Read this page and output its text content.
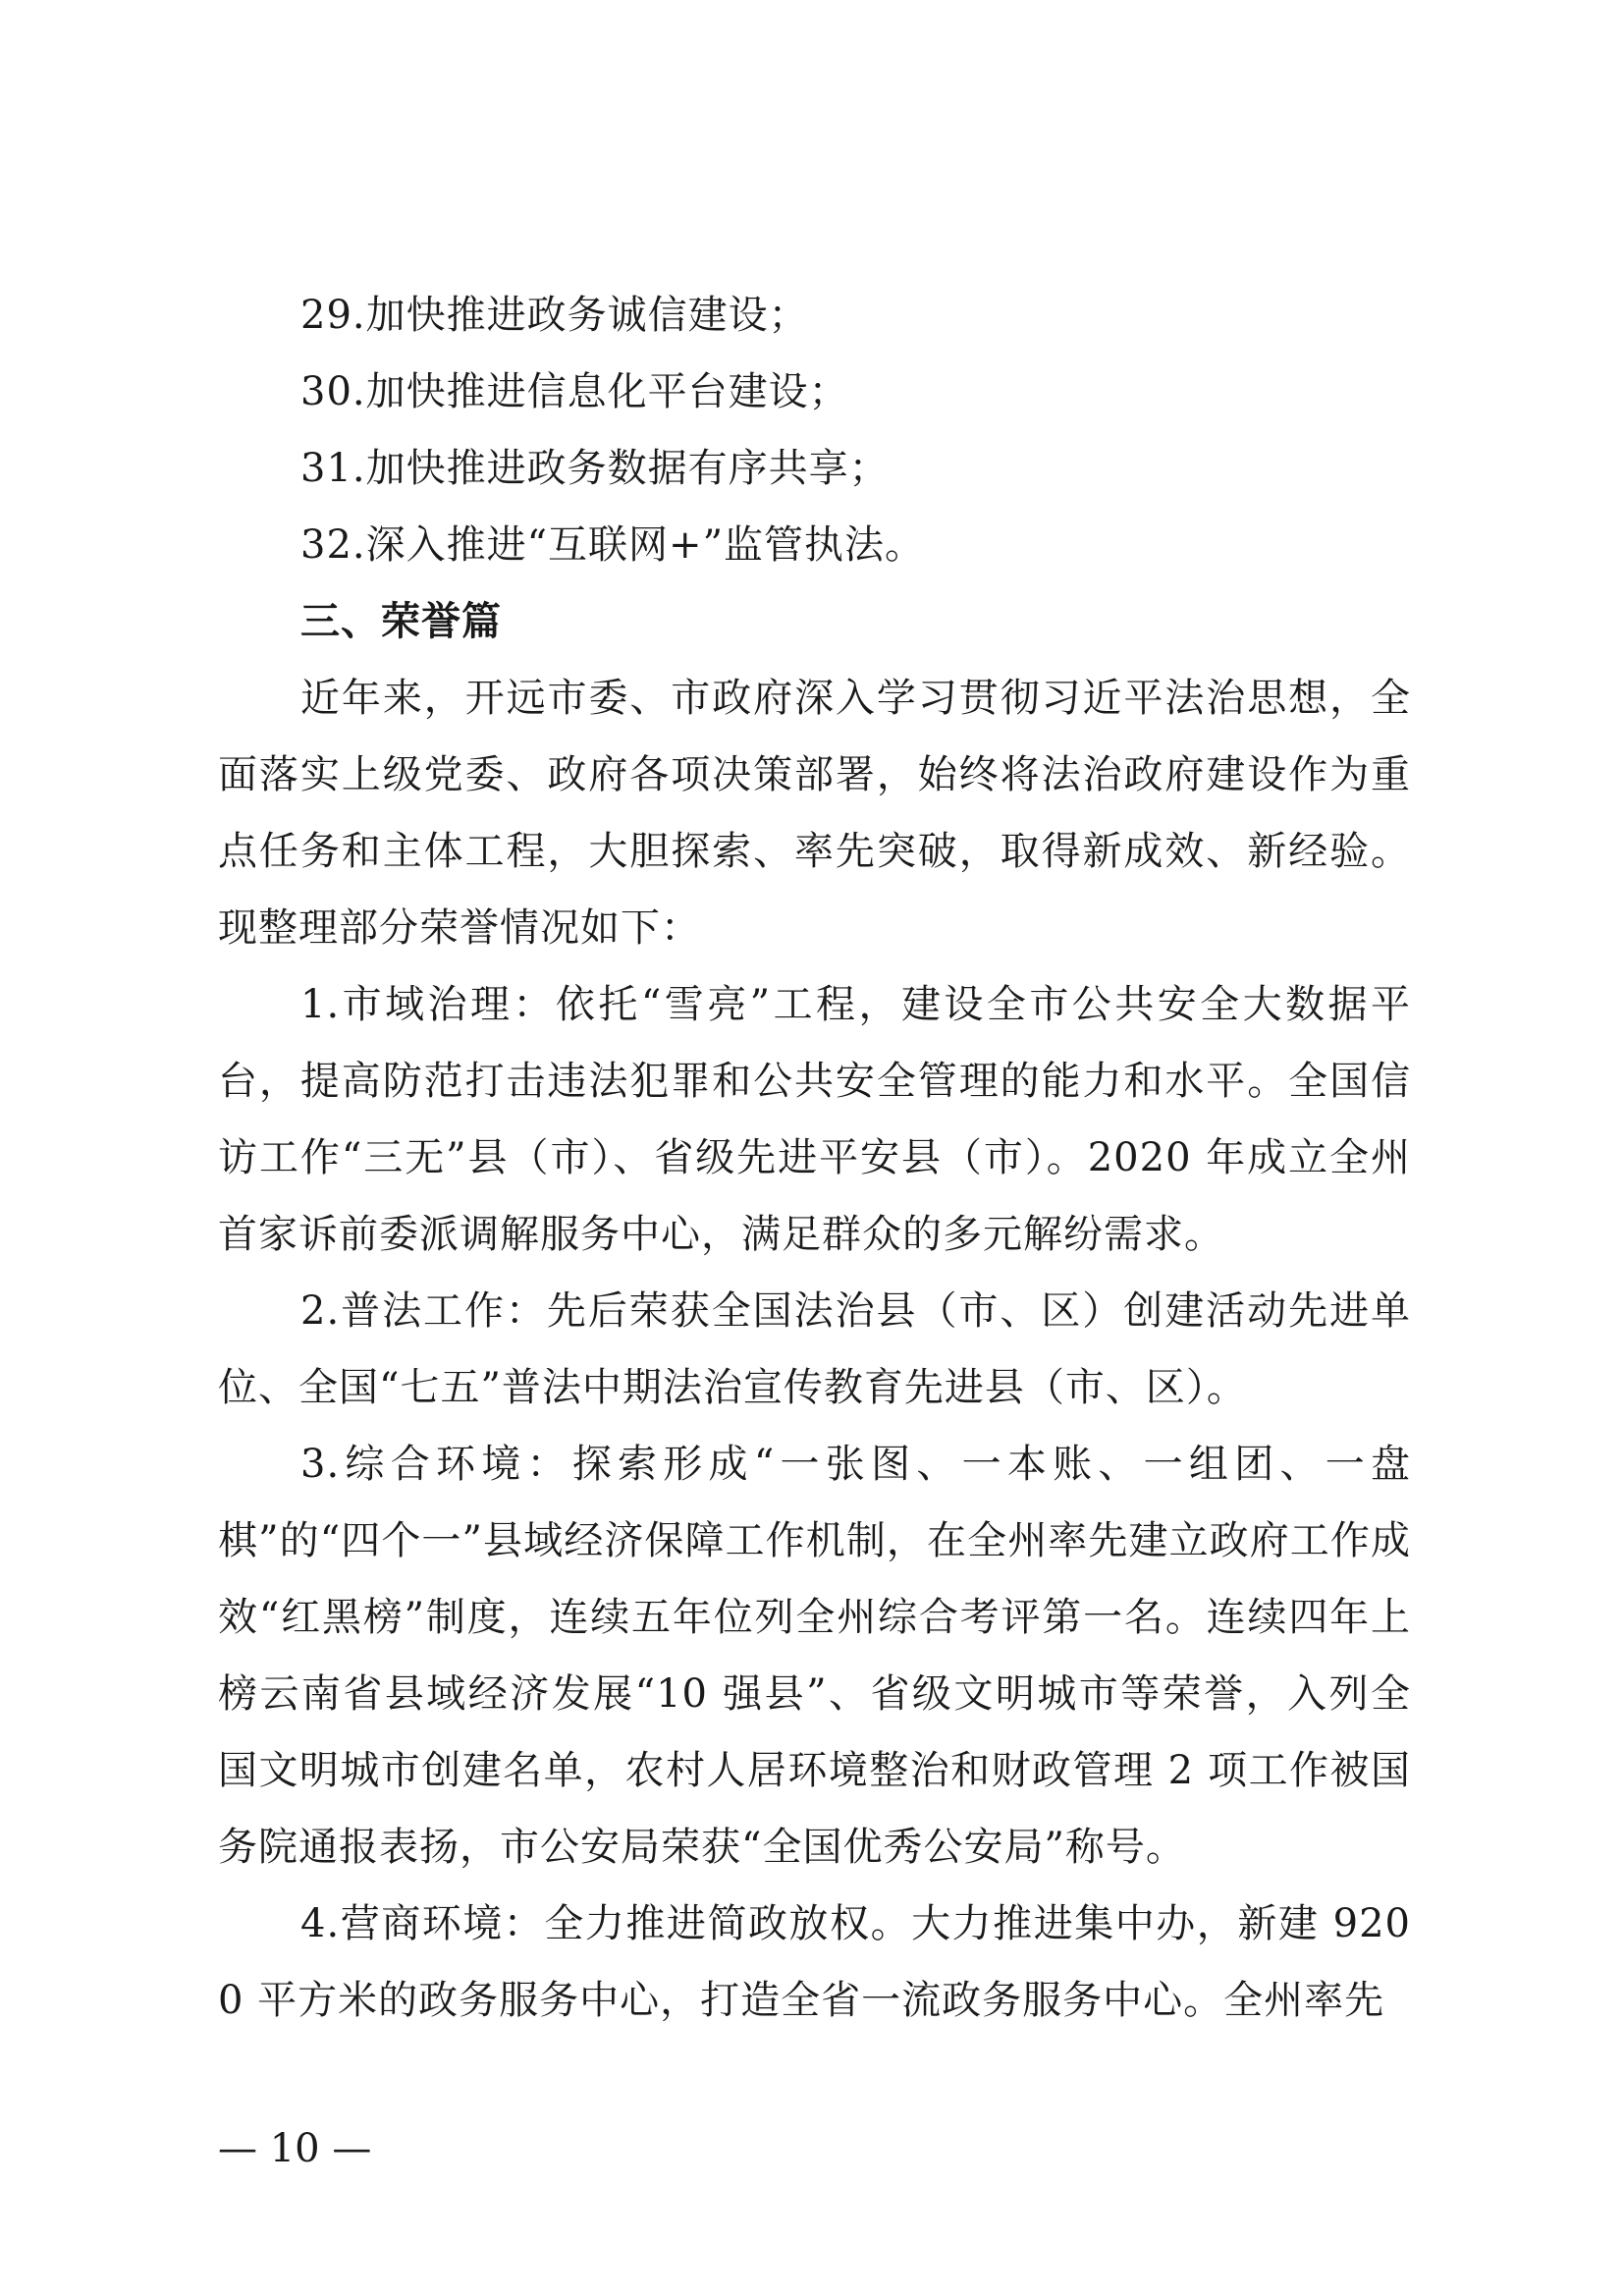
29.加快推进政务诚信建设；
30.加快推进信息化平台建设；
31.加快推进政务数据有序共享；
32.深入推进“互联网+”监管执法。
三、荣誉篇

近年来，开远市委、市政府深入学习贯彻习近平法治思想，全面落实上级党委、政府各项决策部署，始终将法治政府建设作为重点任务和主体工程，大胆探索、率先突破，取得新成效、新经验。现整理部分荣誉情况如下：

1.市域治理：依托“雪亮”工程，建设全市公共安全大数据平台，提高防范打击违法犯罪和公共安全管理的能力和水平。全国信访工作“三无”县（市）、省级先进平安县（市）。2020 年成立全州首家诉前委派调解服务中心，满足群众的多元解纷需求。

2.普法工作：先后荣获全国法治县（市、区）创建活动先进单位、全国“七五”普法中期法治宣传教育先进县（市、区）。

3.综合环境：探索形成“一张图、一本账、一组团、一盘棋”的“四个一”县域经济保障工作机制，在全州率先建立政府工作成效“红黑榜”制度，连续五年位列全州综合考评第一名。连续四年上榜云南省县域经济发展“10 强县”、省级文明城市等荣誉，入列全国文明城市创建名单，农村人居环境整治和财政管理 2 项工作被国务院通报表扬，市公安局荣获“全国优秀公安局”称号。

4.营商环境：全力推进简政放权。大力推进集中办，新建 9200 平方米的政务服务中心，打造全省一流政务服务中心。全州率先

— 10 —
